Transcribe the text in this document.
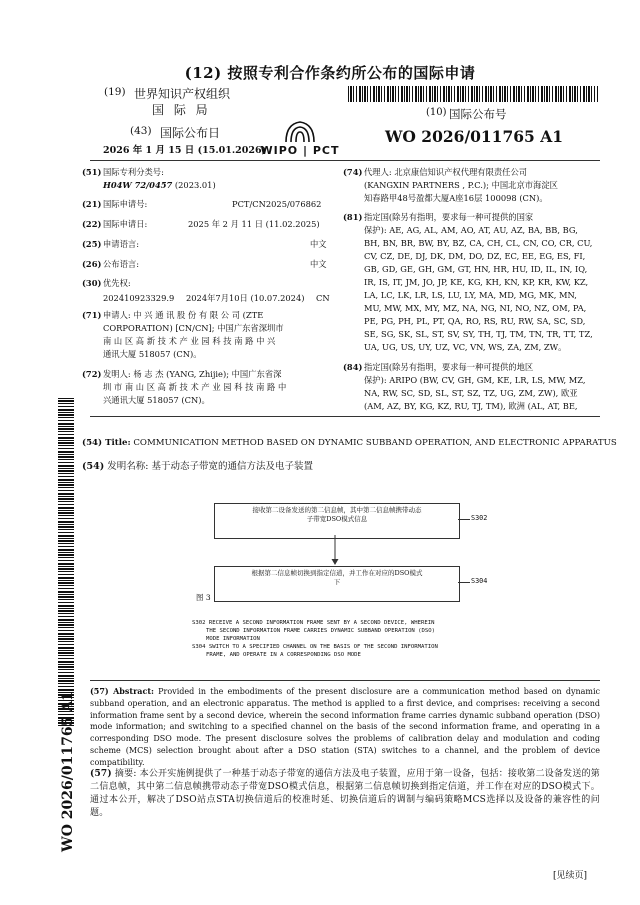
(12) 按照专利合作条约所公布的国际申请
(19) 世界知识产权组织
国 际 局
(43) 国际公布日
2026 年 1 月 15 日 (15.01.2026)
WIPO | PCT
(10) 国际公布号
WO 2026/011765 A1
(51) 国际专利分类号:
H04W 72/0457 (2023.01)
(21) 国际申请号:	PCT/CN2025/076862
(22) 国际申请日:	2025 年 2 月 11 日 (11.02.2025)
(25) 申请语言:	中文
(26) 公布语言:	中文
(30) 优先权:
202410923329.9 2024年7月10日 (10.07.2024) CN
(71) 申请人: 中 兴 通 讯 股 份 有 限 公 司 (ZTE
CORPORATION) [CN/CN]; 中国广东省深圳市
南 山 区 高 新 技 术 产 业 园 科 技 南 路 中 兴
通讯大厦 518057 (CN)。
(72) 发明人: 杨 志 杰 (YANG, Zhijie); 中国广东省深
圳 市 南 山 区 高 新 技 术 产 业 园 科 技 南 路 中
兴通讯大厦 518057 (CN)。
(74) 代理人: 北京康信知识产权代理有限责任公司
(KANGXIN PARTNERS , P.C.); 中国北京市海淀区
知春路甲48号盈都大厦A座16层 100098 (CN)。
(81) 指定国(除另有指明，要求每一种可提供的国家
保护): AE, AG, AL, AM, AO, AT, AU, AZ, BA, BB, BG,
BH, BN, BR, BW, BY, BZ, CA, CH, CL, CN, CO, CR, CU,
CV, CZ, DE, DJ, DK, DM, DO, DZ, EC, EE, EG, ES, FI,
GB, GD, GE, GH, GM, GT, HN, HR, HU, ID, IL, IN, IQ,
IR, IS, IT, JM, JO, JP, KE, KG, KH, KN, KP, KR, KW, KZ,
LA, LC, LK, LR, LS, LU, LY, MA, MD, MG, MK, MN,
MU, MW, MX, MY, MZ, NA, NG, NI, NO, NZ, OM, PA,
PE, PG, PH, PL, PT, QA, RO, RS, RU, RW, SA, SC, SD,
SE, SG, SK, SL, ST, SV, SY, TH, TJ, TM, TN, TR, TT, TZ,
UA, UG, US, UY, UZ, VC, VN, WS, ZA, ZM, ZW。
(84) 指定国(除另有指明，要求每一种可提供的地区
保护): ARIPO (BW, CV, GH, GM, KE, LR, LS, MW, MZ,
NA, RW, SC, SD, SL, ST, SZ, TZ, UG, ZM, ZW), 欧亚
(AM, AZ, BY, KG, KZ, RU, TJ, TM), 欧洲 (AL, AT, BE,
WO 2026/011765 A1
(54) Title: COMMUNICATION METHOD BASED ON DYNAMIC SUBBAND OPERATION, AND ELECTRONIC APPARATUS
(54) 发明名称: 基于动态子带宽的通信方法及电子装置
接收第二设备发送的第二信息帧，其中第二信息帧携带动态
子带宽DSO模式信息	S302
根据第二信息帧切换到指定信道，并工作在对应的DSO模式
下	S304
图 3
S302 RECEIVE A SECOND INFORMATION FRAME SENT BY A SECOND DEVICE, WHEREIN
THE SECOND INFORMATION FRAME CARRIES DYNAMIC SUBBAND OPERATION (DSO)
MODE INFORMATION
S304 SWITCH TO A SPECIFIED CHANNEL ON THE BASIS OF THE SECOND INFORMATION
FRAME, AND OPERATE IN A CORRESPONDING DSO MODE
(57) Abstract: Provided in the embodiments of the present disclosure are a communication method based on dynamic subband operation, and an electronic apparatus. The method is applied to a first device, and comprises: receiving a second information frame sent by a second device, wherein the second information frame carries dynamic subband operation (DSO) mode information; and switching to a specified channel on the basis of the second information frame, and operating in a corresponding DSO mode. The present disclosure solves the problems of calibration delay and modulation and coding scheme (MCS) selection brought about after a DSO station (STA) switches to a channel, and the problem of device compatibility.
(57) 摘要: 本公开实施例提供了一种基于动态子带宽的通信方法及电子装置，应用于第一设备，包括：接收第二设备发送的第二信息帧，其中第二信息帧携带动态子带宽DSO模式信息，根据第二信息帧切换到指定信道，并工作在对应的DSO模式下。通过本公开，解决了DSO站点STA切换信道后的校准时延、切换信道后的调制与编码策略MCS选择以及设备的兼容性的问题。
[见续页]
